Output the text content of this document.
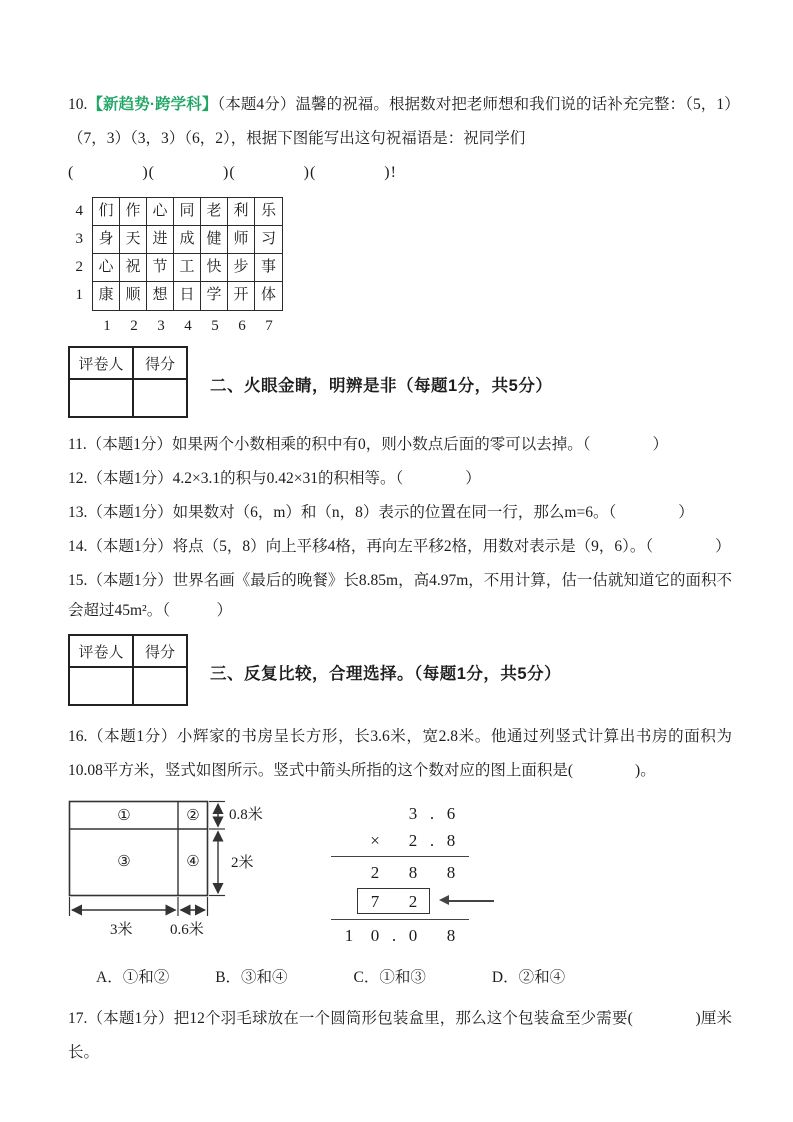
10.【新趋势·跨学科】（本题4分）温馨的祝福。根据数对把老师想和我们说的话补充完整：（5，1）（7，3）（3，3）（6，2），根据下图能写出这句祝福语是：祝同学们

(　　　　)(　　　　)(　　　　)(　　　　)!

4
3
2
1
们 作 心 同 老 利 乐
身 天 进 成 健 师 习
心 祝 节 工 快 步 事
康 顺 想 日 学 开 体
1	2	3	4	5	6	7
评卷人	得分

二、火眼金睛，明辨是非（每题1分，共5分）

11.（本题1分）如果两个小数相乘的积中有0，则小数点后面的零可以去掉。（　　　　）

12.（本题1分）4.2×3.1的积与0.42×31的积相等。（　　　　）

13.（本题1分）如果数对（6，m）和（n，8）表示的位置在同一行，那么m=6。（　　　　）

14.（本题1分）将点（5，8）向上平移4格，再向左平移2格，用数对表示是（9，6）。（　　　　）

15.（本题1分）世界名画《最后的晚餐》长8.85m，高4.97m，不用计算，估一估就知道它的面积不会超过45m²。（　　　）

评卷人	得分

三、反复比较，合理选择。（每题1分，共5分）

16.（本题1分）小辉家的书房呈长方形，长3.6米，宽2.8米。他通过列竖式计算出书房的面积为10.08平方米，竖式如图所示。竖式中箭头所指的这个数对应的图上面积是(　　　　)。

①	②
③	④
0.8米
2米
3米 0.6米
3 . 6
×	2 . 8
2	8	8
7	2
1	0 . 0	8
A．①和②	B．③和④	C．①和③	D．②和④

17.（本题1分）把12个羽毛球放在一个圆筒形包装盒里，那么这个包装盒至少需要(　　　　)厘米长。
